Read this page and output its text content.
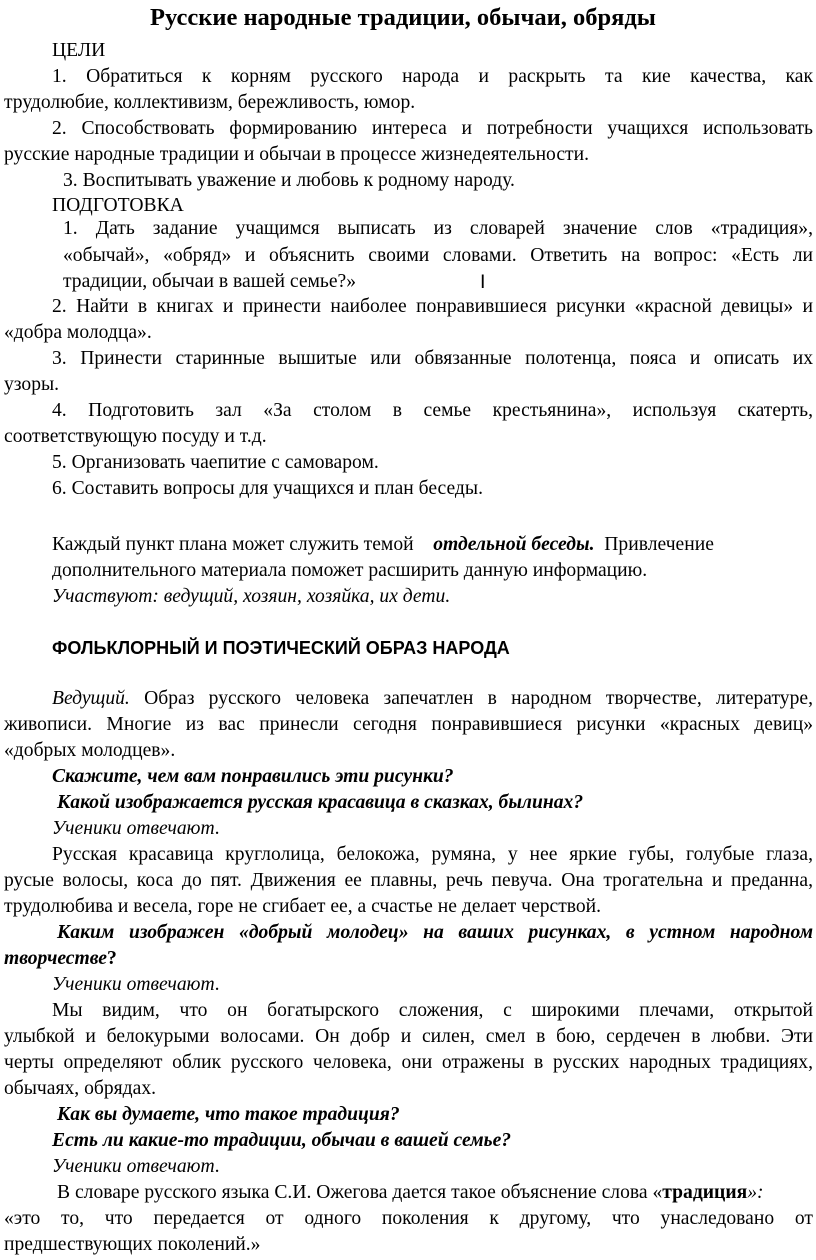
Русские народные традиции, обычаи, обряды
ЦЕЛИ
1. Обратиться к корням русского народа и раскрыть та кие качества, как
трудолюбие, коллективизм, бережливость, юмор.
2. Способствовать формированию интереса и потребности учащихся использовать
русские народные традиции и обычаи в процессе жизнедеятельности.
3. Воспитывать уважение и любовь к родному народу.
ПОДГОТОВКА
1. Дать задание учащимся выписать из словарей значение слов «традиция»,
«обычай», «обряд» и объяснить своими словами. Ответить на вопрос: «Есть ли
традиции, обычаи в вашей семье?»	I
2. Найти в книгах и принести наиболее понравившиеся рисунки «красной девицы» и
«добра молодца».
3. Принести старинные вышитые или обвязанные полотенца, пояса и описать их
узоры.
4. Подготовить зал «За столом в семье крестьянина», используя скатерть,
соответствующую посуду и т.д.
5. Организовать чаепитие с самоваром.
6. Составить вопросы для учащихся и план беседы.
Каждый пункт плана может служить темой отдельной беседы. Привлечение
дополнительного материала поможет расширить данную информацию.
Участвуют: ведущий, хозяин, хозяйка, их дети.
ФОЛЬКЛОРНЫЙ И ПОЭТИЧЕСКИЙ ОБРАЗ НАРОДА
Ведущий. Образ русского человека запечатлен в народном творчестве, литературе,
живописи. Многие из вас принесли сегодня понравившиеся рисунки «красных девиц»
«добрых молодцев».
Скажите, чем вам понравились эти рисунки?
Какой изображается русская красавица в сказках, былинах?
Ученики отвечают.
Русская красавица круглолица, белокожа, румяна, у нее яркие губы, голубые глаза,
русые волосы, коса до пят. Движения ее плавны, речь певуча. Она трогательна и преданна,
трудолюбива и весела, горе не сгибает ее, а счастье не делает черствой.
Каким изображен «добрый молодец» на ваших рисунках, в устном народном
творчестве?
Ученики отвечают.
Мы видим, что он богатырского сложения, с широкими плечами, открытой
улыбкой и белокурыми волосами. Он добр и силен, смел в бою, сердечен в любви. Эти
черты определяют облик русского человека, они отражены в русских народных традициях,
обычаях, обрядах.
Как вы думаете, что такое традиция?
Есть ли какие-то традиции, обычаи в вашей семье?
Ученики отвечают.
В словаре русского языка С.И. Ожегова дается такое объяснение слова «традиция»:
«это то, что передается от одного поколения к другому, что унаследовано от
предшествующих поколений.»
